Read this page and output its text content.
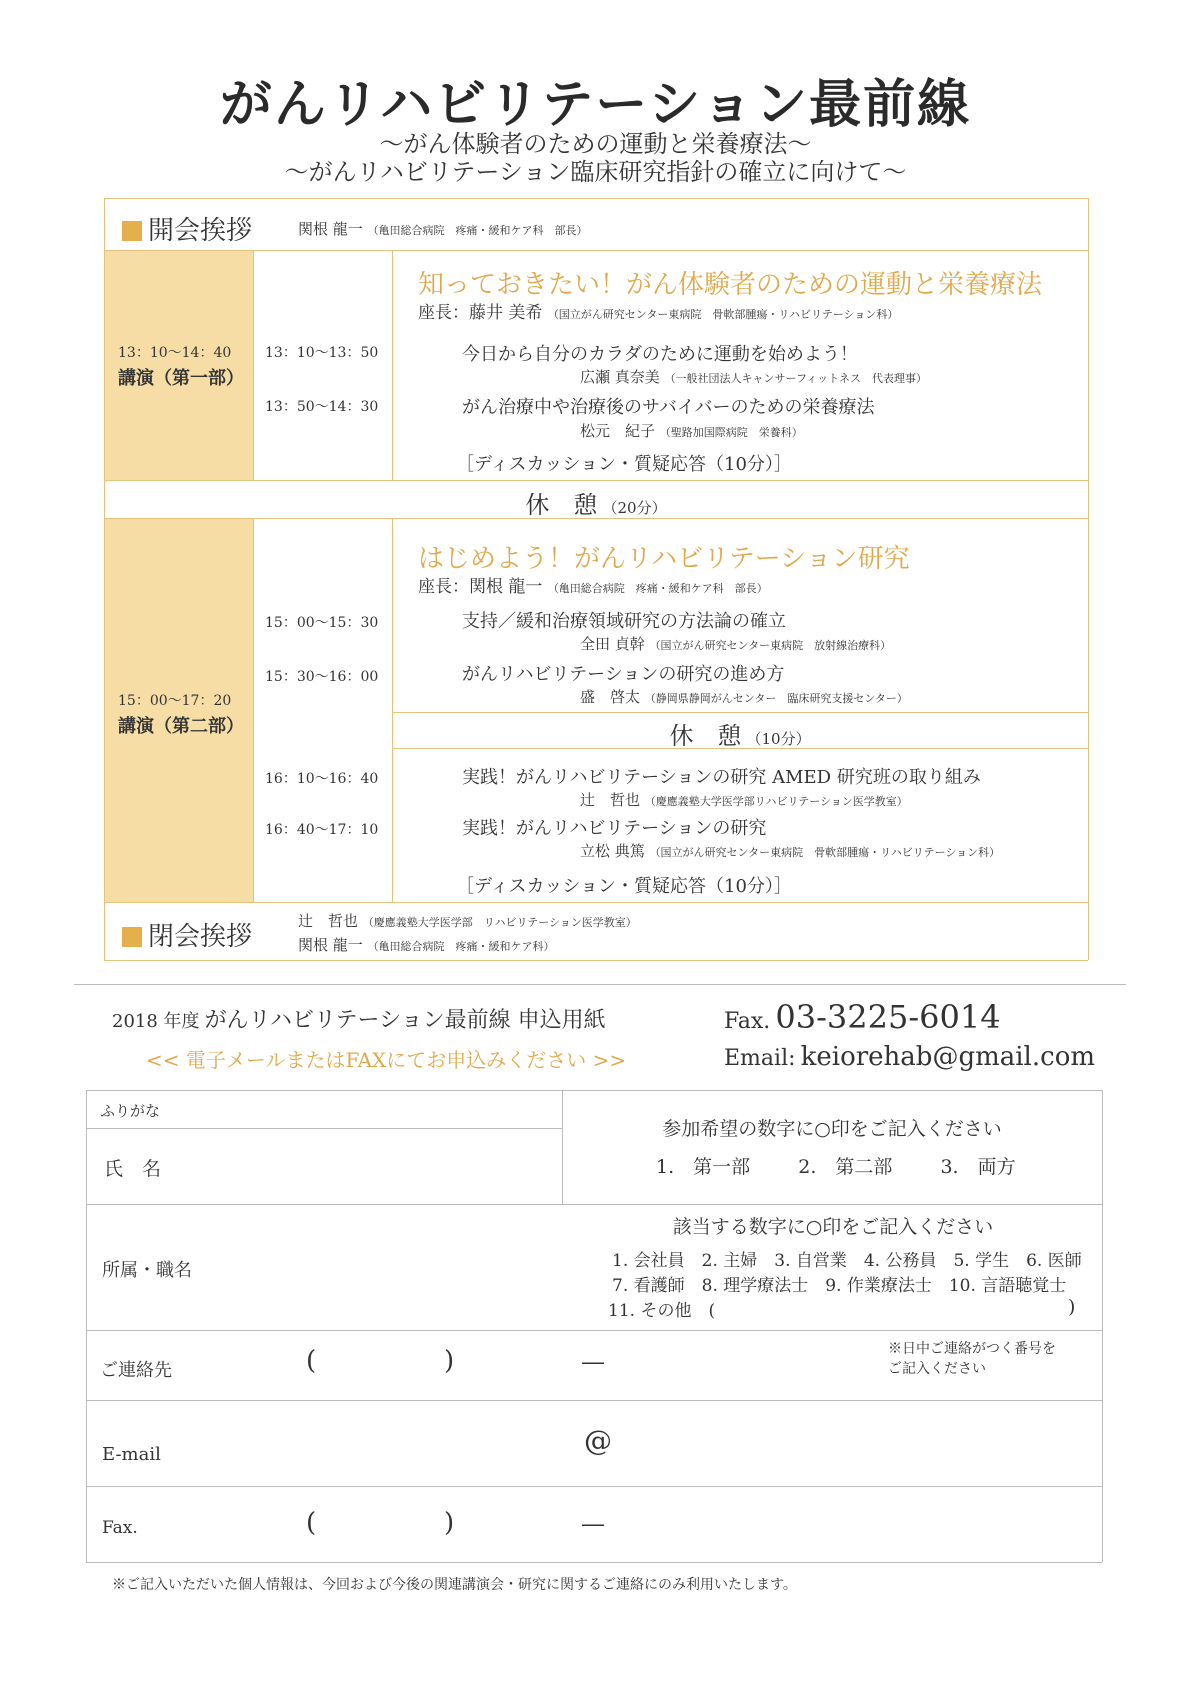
がんリハビリテーション最前線
～がん体験者のための運動と栄養療法～
～がんリハビリテーション臨床研究指針の確立に向けて～
開会挨拶	関根 龍一 （亀田総合病院　疼痛・緩和ケア科　部長）
13：10～14：40
講演（第一部）
知っておきたい！がん体験者のための運動と栄養療法
座長：藤井 美希 （国立がん研究センター東病院　骨軟部腫瘍・リハビリテーション科）
13：10～13：50	今日から自分のカラダのために運動を始めよう！
広瀬 真奈美 （一般社団法人キャンサーフィットネス　代表理事）
13：50～14：30	がん治療中や治療後のサバイバーのための栄養療法
松元　紀子 （聖路加国際病院　栄養科）
［ディスカッション・質疑応答（10分）］
休　憩 （20分）
15：00～17：20
講演（第二部）
はじめよう！がんリハビリテーション研究
座長：関根 龍一 （亀田総合病院　疼痛・緩和ケア科　部長）
15：00～15：30	支持／緩和治療領域研究の方法論の確立
全田 貞幹 （国立がん研究センター東病院　放射線治療科）
15：30～16：00	がんリハビリテーションの研究の進め方
盛　啓太 （静岡県静岡がんセンター　臨床研究支援センター）
休　憩 （10分）
16：10～16：40	実践！がんリハビリテーションの研究 AMED 研究班の取り組み
辻　哲也 （慶應義塾大学医学部リハビリテーション医学教室）
16：40～17：10	実践！がんリハビリテーションの研究
立松 典篤 （国立がん研究センター東病院　骨軟部腫瘍・リハビリテーション科）
［ディスカッション・質疑応答（10分）］
閉会挨拶
辻　哲也 （慶應義塾大学医学部　リハビリテーション医学教室）
関根 龍一 （亀田総合病院　疼痛・緩和ケア科）
2018 年度 がんリハビリテーション最前線 申込用紙	Fax. 03-3225-6014
<< 電子メールまたはFAXにてお申込みください >>	Email: keiorehab@gmail.com
ふりがな
氏　名
参加希望の数字に○印をご記入ください
1.　第一部	2.　第二部	3.　両方
所属・職名
該当する数字に○印をご記入ください
1. 会社員　2. 主婦　3. 自営業　4. 公務員　5. 学生　6. 医師
7. 看護師　8. 理学療法士　9. 作業療法士　10. 言語聴覚士
11. その他　(	)
ご連絡先	(	)	―
※日中ご連絡がつく番号を
ご記入ください
E-mail	@
Fax.	(	)	―
※ご記入いただいた個人情報は、今回および今後の関連講演会・研究に関するご連絡にのみ利用いたします。
